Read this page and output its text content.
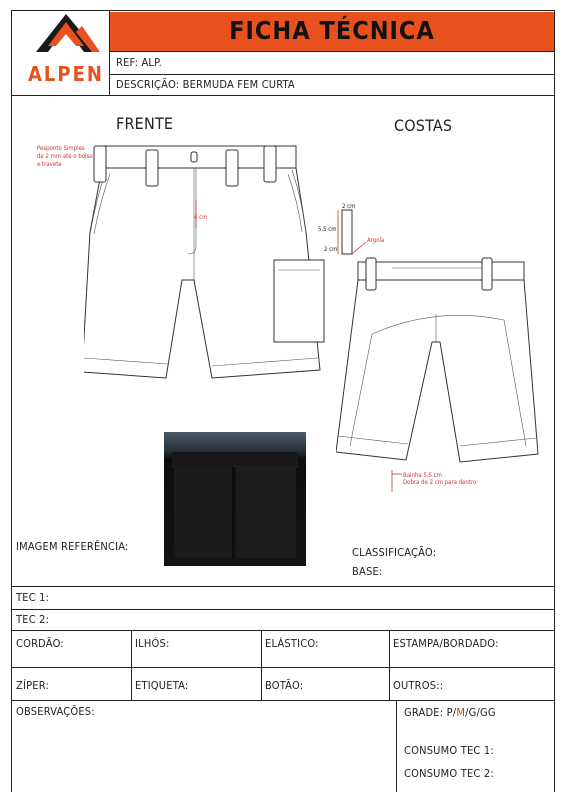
FICHA TÉCNICA
REF: ALP.
DESCRIÇÃO: BERMUDA FEM CURTA
ALPEN
FRENTE	COSTAS
Pesponto Simples
de 2 mm até o bolso
e travete
4 cm
2 cm
5,5 cm
2 cm
Argola
Bainha 5,5 cm
Dobra de 2 cm para dentro
IMAGEM REFERÊNCIA:	CLASSIFICAÇÃO:
BASE:
TEC 1:
TEC 2:
CORDÃO:	ILHÓS:	ELÁSTICO:	ESTAMPA/BORDADO:
ZÍPER:	ETIQUETA:	BOTÃO:	OUTROS::
OBSERVAÇÕES:	GRADE: P/M/G/GG
CONSUMO TEC 1:
CONSUMO TEC 2:
